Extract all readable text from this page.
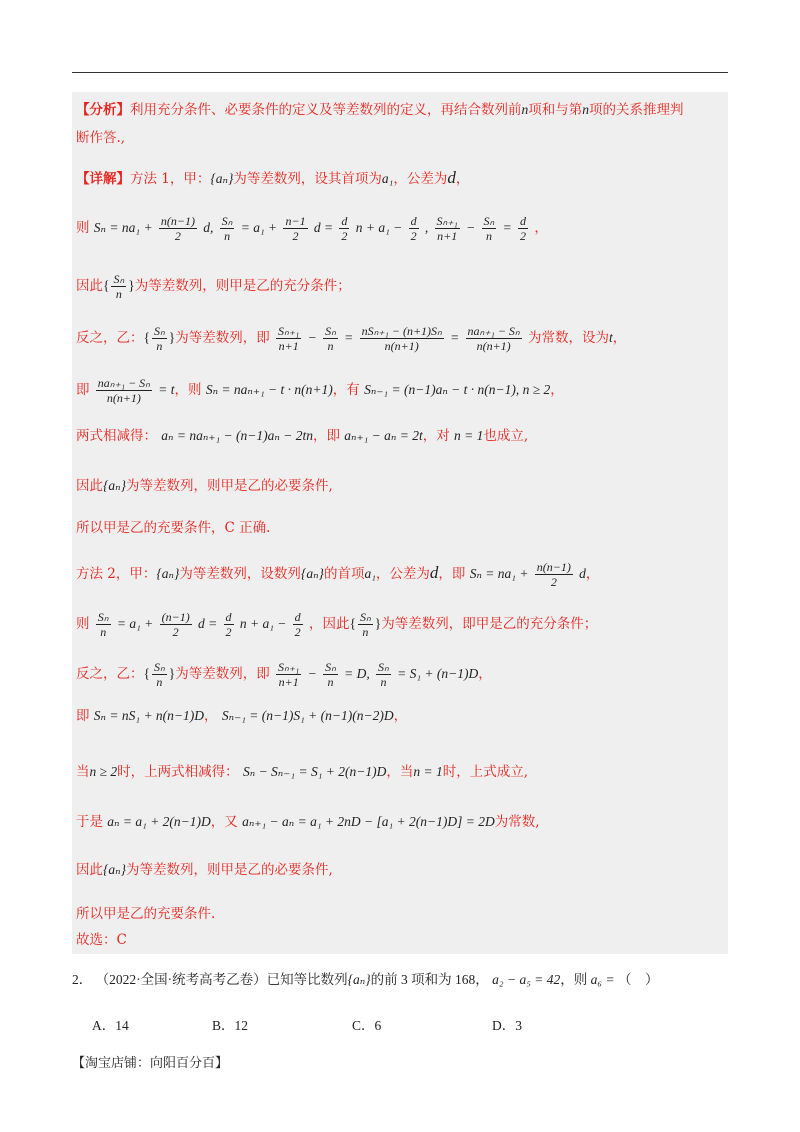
【分析】利用充分条件、必要条件的定义及等差数列的定义，再结合数列前n项和与第n项的关系推理判
断作答.,
【详解】方法 1，甲：{aₙ}为等差数列，设其首项为a₁，公差为d，
则 $S_n = na_1 + \frac{n(n-1)}{2} d$, $\frac{\text{Sₙ}}{n} = a_1 + \frac{n-1}{2}$ $d = \frac{d}{2}$ $n + a_1 - \frac{d}{2}$ , $\frac{\text{Sₙ₊₁}}{n+1} - \frac{\text{Sₙ}}{n} = \frac{d}{2}$ ，
因此{ $\frac{\text{Sₙ}}{n}$ }为等差数列，则甲是乙的充分条件；
反之，乙：{ $\frac{\text{Sₙ}}{n}$ }为等差数列，即 $\frac{\text{Sₙ₊₁}}{n+1} - \frac{\text{Sₙ}}{n} = \frac{\text{nSₙ₊₁ − (n+1)Sₙ}}{n(n+1)} = \frac{\text{naₙ₊₁ − Sₙ}}{n(n+1)}$ 为常数，设为t，
即 $\frac{\text{naₙ₊₁ − Sₙ}}{n(n+1)} = t$，则 Sₙ = naₙ₊₁ − t · n(n+1)，有 Sₙ₋₁ = (n−1)aₙ − t · n(n−1), n ≥ 2，
两式相减得： aₙ = naₙ₊₁ − (n−1)aₙ − 2tn，即 aₙ₊₁ − aₙ = 2t，对 n = 1也成立,
因此{aₙ}为等差数列，则甲是乙的必要条件,
所以甲是乙的充要条件，C 正确.
方法 2，甲：{aₙ}为等差数列，设数列{aₙ}的首项a₁，公差为d，即 $S_n = na_1 + \frac{n(n-1)}{2}$ d，
则 $\frac{\text{Sₙ}}{n} = a_1 + \frac{(n-1)}{2}$ $d = \frac{d}{2}$ $n + a_1 - \frac{d}{2}$ ，因此{ $\frac{\text{Sₙ}}{n}$ }为等差数列，即甲是乙的充分条件；
反之，乙：{ $\frac{\text{Sₙ}}{n}$ }为等差数列，即 $\frac{\text{Sₙ₊₁}}{n+1} - \frac{\text{Sₙ}}{n} = D$, $\frac{\text{Sₙ}}{n} = S_1 + (n-1)D$，
即 Sₙ = nS₁ + n(n−1)D， Sₙ₋₁ = (n−1)S₁ + (n−1)(n−2)D，
当n ≥ 2时，上两式相减得： Sₙ − Sₙ₋₁ = S₁ + 2(n−1)D，当n = 1时，上式成立,
于是 aₙ = a₁ + 2(n−1)D，又 aₙ₊₁ − aₙ = a₁ + 2nD − [a₁ + 2(n−1)D] = 2D为常数,
因此{aₙ}为等差数列，则甲是乙的必要条件,
所以甲是乙的充要条件.
故选：C
2． （2022·全国·统考高考乙卷）已知等比数列{aₙ}的前 3 项和为 168， a₂ − a₅ = 42，则 a₆ = （　）
A．14	B．12	C．6	D．3
【淘宝店铺：向阳百分百】
